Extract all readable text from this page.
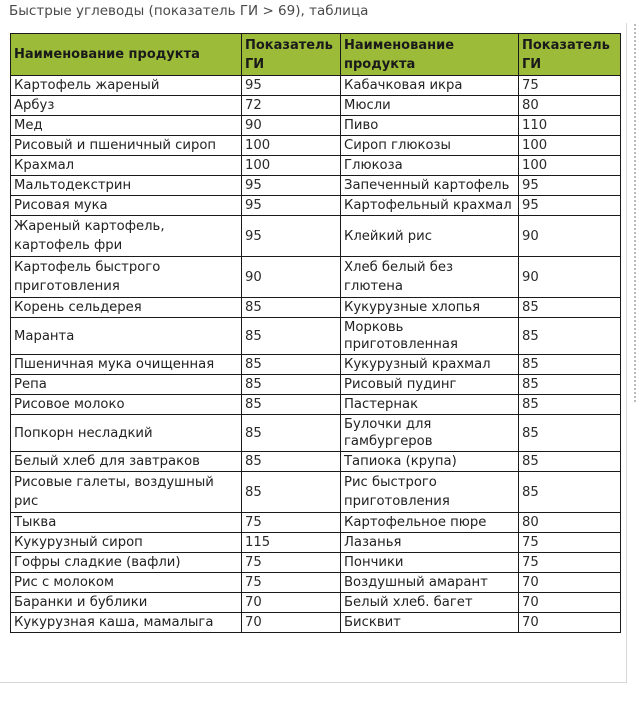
Быстрые углеводы (показатель ГИ > 69), таблица
Наименование продукта	Показатель ГИ	Наименование продукта	Показатель ГИ
Картофель жареный	95	Кабачковая икра	75
Арбуз	72	Мюсли	80
Мед	90	Пиво	110
Рисовый и пшеничный сироп	100	Сироп глюкозы	100
Крахмал	100	Глюкоза	100
Мальтодекстрин	95	Запеченный картофель	95
Рисовая мука	95	Картофельный крахмал	95
Жареный картофель, картофель фри	95	Клейкий рис	90
Картофель быстрого приготовления	90	Хлеб белый без глютена	90
Корень сельдерея	85	Кукурузные хлопья	85
Маранта	85	Морковь приготовленная	85
Пшеничная мука очищенная	85	Кукурузный крахмал	85
Репа	85	Рисовый пудинг	85
Рисовое молоко	85	Пастернак	85
Попкорн несладкий	85	Булочки для гамбургеров	85
Белый хлеб для завтраков	85	Тапиока (крупа)	85
Рисовые галеты, воздушный рис	85	Рис быстрого приготовления	85
Тыква	75	Картофельное пюре	80
Кукурузный сироп	115	Лазанья	75
Гофры сладкие (вафли)	75	Пончики	75
Рис с молоком	75	Воздушный амарант	70
Баранки и бублики	70	Белый хлеб. багет	70
Кукурузная каша, мамалыга	70	Бисквит	70
